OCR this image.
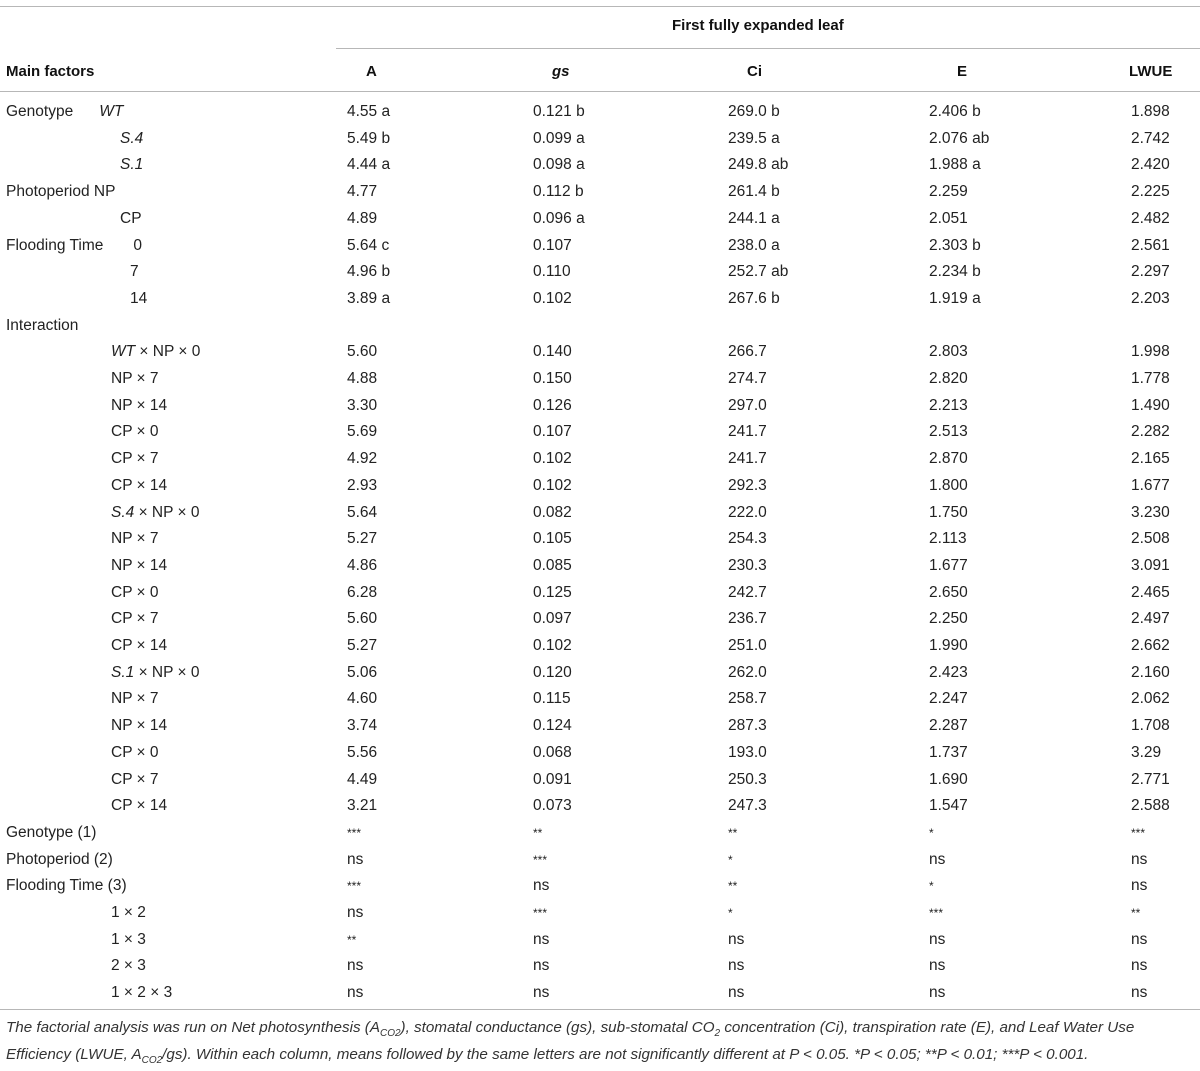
First fully expanded leaf
Main factors	A	gs	Ci	E	LWUE
Genotype WT	4.55 a	0.121 b	269.0 b	2.406 b	1.898
S.4	5.49 b	0.099 a	239.5 a	2.076 ab	2.742
S.1	4.44 a	0.098 a	249.8 ab	1.988 a	2.420
Photoperiod NP	4.77	0.112 b	261.4 b	2.259	2.225
CP	4.89	0.096 a	244.1 a	2.051	2.482
Flooding Time 0	5.64 c	0.107	238.0 a	2.303 b	2.561
7	4.96 b	0.110	252.7 ab	2.234 b	2.297
14	3.89 a	0.102	267.6 b	1.919 a	2.203
Interaction
WT × NP × 0	5.60	0.140	266.7	2.803	1.998
NP × 7	4.88	0.150	274.7	2.820	1.778
NP × 14	3.30	0.126	297.0	2.213	1.490
CP × 0	5.69	0.107	241.7	2.513	2.282
CP × 7	4.92	0.102	241.7	2.870	2.165
CP × 14	2.93	0.102	292.3	1.800	1.677
S.4 × NP × 0	5.64	0.082	222.0	1.750	3.230
NP × 7	5.27	0.105	254.3	2.113	2.508
NP × 14	4.86	0.085	230.3	1.677	3.091
CP × 0	6.28	0.125	242.7	2.650	2.465
CP × 7	5.60	0.097	236.7	2.250	2.497
CP × 14	5.27	0.102	251.0	1.990	2.662
S.1 × NP × 0	5.06	0.120	262.0	2.423	2.160
NP × 7	4.60	0.115	258.7	2.247	2.062
NP × 14	3.74	0.124	287.3	2.287	1.708
CP × 0	5.56	0.068	193.0	1.737	3.29
CP × 7	4.49	0.091	250.3	1.690	2.771
CP × 14	3.21	0.073	247.3	1.547	2.588
Genotype (1)	***	**	**	*	***
Photoperiod (2)	ns	***	*	ns	ns
Flooding Time (3)	***	ns	**	*	ns
1 × 2	ns	***	*	***	**
1 × 3	**	ns	ns	ns	ns
2 × 3	ns	ns	ns	ns	ns
1 × 2 × 3	ns	ns	ns	ns	ns
The factorial analysis was run on Net photosynthesis $(A_{CO2})$, stomatal conductance (gs), sub-stomatal $CO_2$ concentration (Ci), transpiration rate (E), and Leaf Water Use Efficiency (LWUE, $A_{CO2}/gs$). Within each column, means followed by the same letters are not significantly different at P < 0.05. *P < 0.05; **P < 0.01; ***P < 0.001.
